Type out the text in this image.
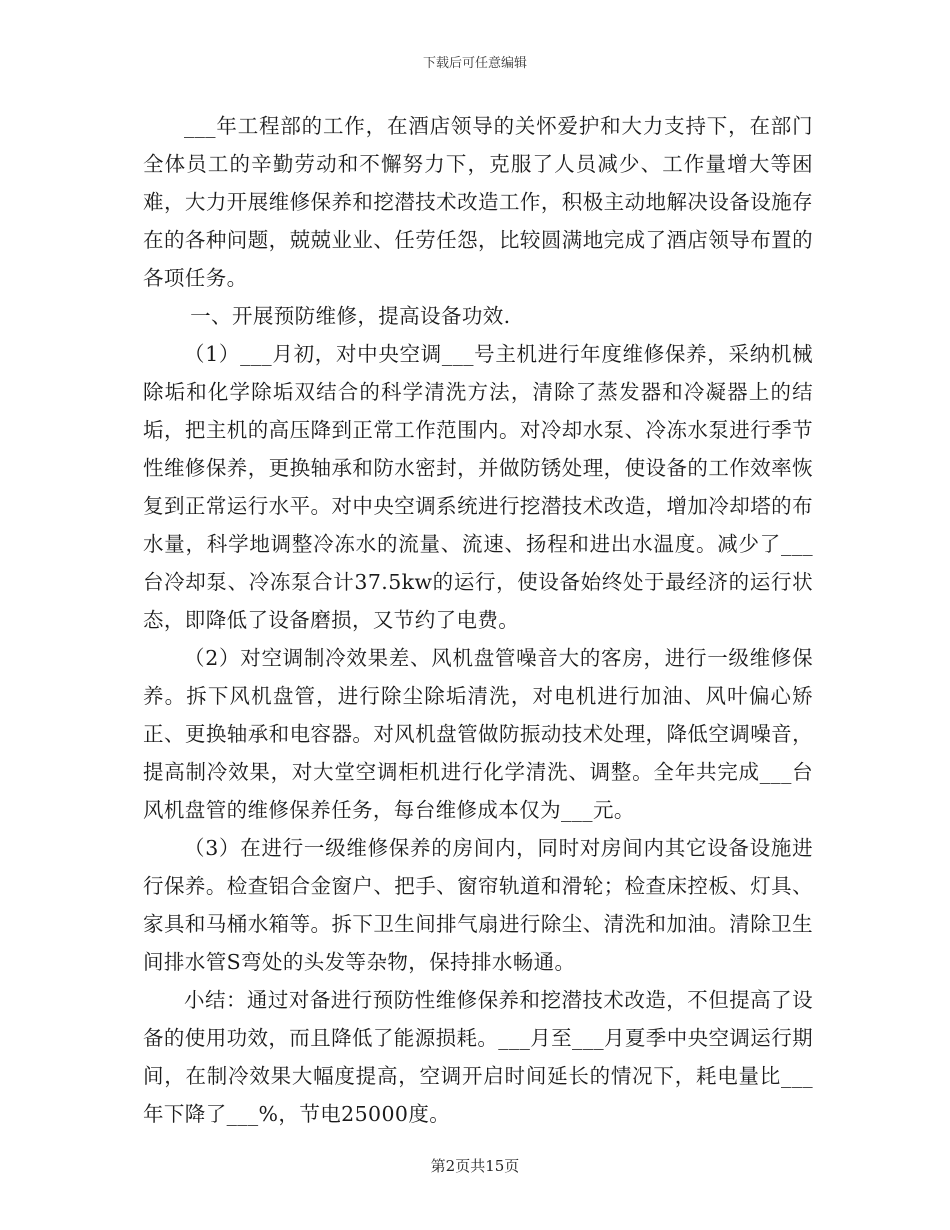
下载后可任意编辑

___年工程部的工作，在酒店领导的关怀爱护和大力支持下，在部门全体员工的辛勤劳动和不懈努力下，克服了人员减少、工作量增大等困难，大力开展维修保养和挖潜技术改造工作，积极主动地解决设备设施存在的各种问题，兢兢业业、任劳任怨，比较圆满地完成了酒店领导布置的各项任务。

一、开展预防维修，提高设备功效.

（1）___月初，对中央空调___号主机进行年度维修保养，采纳机械除垢和化学除垢双结合的科学清洗方法，清除了蒸发器和冷凝器上的结垢，把主机的高压降到正常工作范围内。对冷却水泵、冷冻水泵进行季节性维修保养，更换轴承和防水密封，并做防锈处理，使设备的工作效率恢复到正常运行水平。对中央空调系统进行挖潜技术改造，增加冷却塔的布水量，科学地调整冷冻水的流量、流速、扬程和进出水温度。减少了___台冷却泵、冷冻泵合计37.5kw的运行，使设备始终处于最经济的运行状态，即降低了设备磨损，又节约了电费。

（2）对空调制冷效果差、风机盘管噪音大的客房，进行一级维修保养。拆下风机盘管，进行除尘除垢清洗，对电机进行加油、风叶偏心矫正、更换轴承和电容器。对风机盘管做防振动技术处理，降低空调噪音，提高制冷效果，对大堂空调柜机进行化学清洗、调整。全年共完成___台风机盘管的维修保养任务，每台维修成本仅为___元。

（3）在进行一级维修保养的房间内，同时对房间内其它设备设施进行保养。检查铝合金窗户、把手、窗帘轨道和滑轮；检查床控板、灯具、家具和马桶水箱等。拆下卫生间排气扇进行除尘、清洗和加油。清除卫生间排水管S弯处的头发等杂物，保持排水畅通。

小结：通过对备进行预防性维修保养和挖潜技术改造，不但提高了设备的使用功效，而且降低了能源损耗。___月至___月夏季中央空调运行期间，在制冷效果大幅度提高，空调开启时间延长的情况下，耗电量比___年下降了___%，节电25000度。

第2页共15页
